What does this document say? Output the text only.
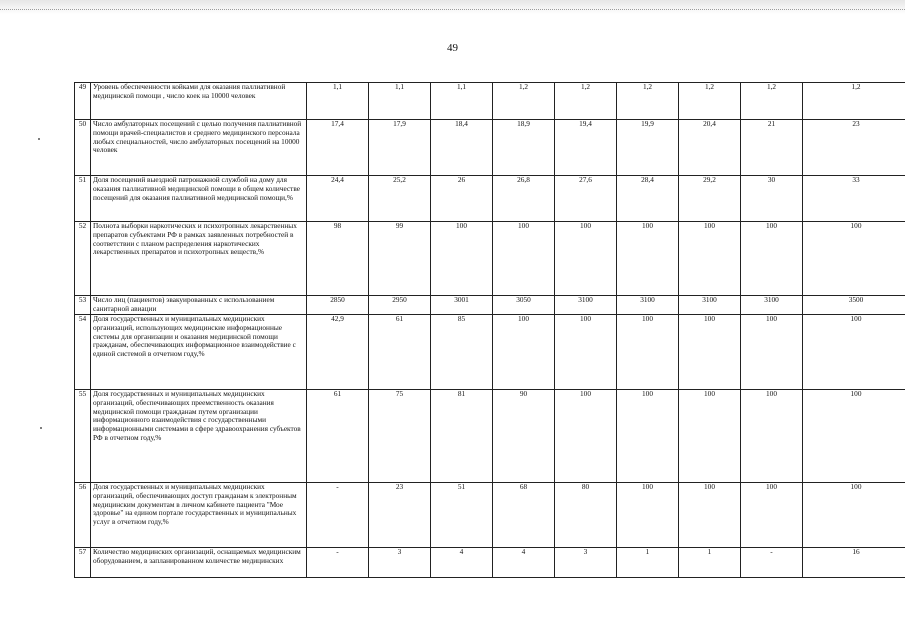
49
49	Уровень обеспеченности койками для оказания паллиативной медицинской помощи , число коек на 10000 человек	1,1	1,1	1,1	1,2	1,2	1,2	1,2	1,2	1,2
50	Число амбулаторных посещений с целью получения паллиативной помощи врачей-специалистов и среднего медицинского персонала любых специальностей, число амбулаторных посещений на 10000 человек	17,4	17,9	18,4	18,9	19,4	19,9	20,4	21	23
51	Доля посещений выездной патронажной службой на дому для оказания паллиативной медицинской помощи в общем количестве посещений для оказания паллиативной медицинской помощи,%	24,4	25,2	26	26,8	27,6	28,4	29,2	30	33
52	Полнота выборки наркотических и психотропных лекарственных препаратов субъектами РФ в рамках заявленных потребностей в соответствии с планом распределения наркотических лекарственных препаратов и психотропных веществ,%	98	99	100	100	100	100	100	100	100
53	Число лиц (пациентов) эвакуированных с использованием санитарной авиации	2850	2950	3001	3050	3100	3100	3100	3100	3500
54	Доля государственных и муниципальных медицинских организаций, использующих медицинские информационные системы для организации и оказания медицинской помощи гражданам, обеспечивающих информационное взаимодействие с единой системой в отчетном году,%	42,9	61	85	100	100	100	100	100	100
55	Доля государственных и муниципальных медицинских организаций, обеспечивающих преемственность оказания медицинской помощи гражданам путем организации информационного взаимодействия с государственными информационными системами в сфере здравоохранения субъектов РФ в отчетном году,%	61	75	81	90	100	100	100	100	100
56	Доля государственных и муниципальных медицинских организаций, обеспечивающих доступ гражданам к электронным медицинским документам в личном кабинете пациента "Мое здоровье" на едином портале государственных и муниципальных услуг в отчетном году,%	-	23	51	68	80	100	100	100	100
57	Количество медицинских организаций, оснащаемых медицинским оборудованием, в запланированном количестве медицинских	-	3	4	4	3	1	1	-	16
